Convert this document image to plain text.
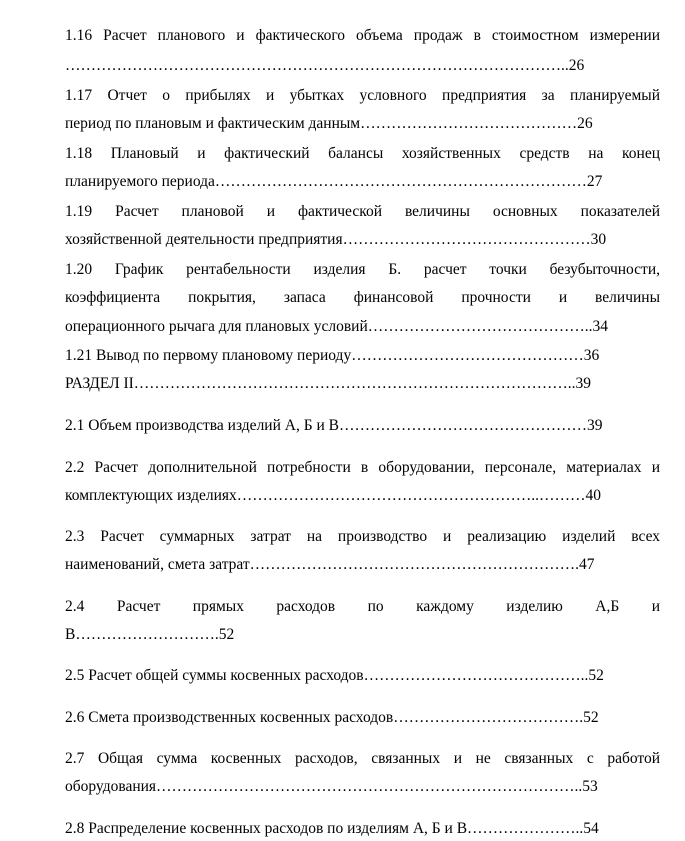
1.16 Расчет планового и фактического объема продаж в стоимостном измерении
……………………………………………………………………………………..26
1.17 Отчет о прибылях и убытках условного предприятия за планируемый
период по плановым и фактическим данным……………………………………26
1.18 Плановый и фактический балансы хозяйственных средств на конец
планируемого периода………………………………………………………………27
1.19 Расчет плановой и фактической величины основных показателей
хозяйственной деятельности предприятия…………………………………………30
1.20 График рентабельности изделия Б. расчет точки безубыточности,
коэффициента покрытия, запаса финансовой прочности и величины
операционного рычага для плановых условий……………………………………..34
1.21 Вывод по первому плановому периоду………………………………………36
РАЗДЕЛ II…………………………………………………………………………..39
2.1 Объем производства изделий А, Б и В…………………………………………39
2.2 Расчет дополнительной потребности в оборудовании, персонале, материалах и
комплектующих изделиях…………………………………………………..………40
2.3 Расчет суммарных затрат на производство и реализацию изделий всех
наименований, смета затрат……………………………………………………….47
2.4 Расчет прямых расходов по каждому изделию А,Б и
В……………………….52
2.5 Расчет общей суммы косвенных расходов……………………………………..52
2.6 Смета производственных косвенных расходов……………………………….52
2.7 Общая сумма косвенных расходов, связанных и не связанных с работой
оборудования………………………………………………………………………..53
2.8 Распределение косвенных расходов по изделиям А, Б и В…………………..54
